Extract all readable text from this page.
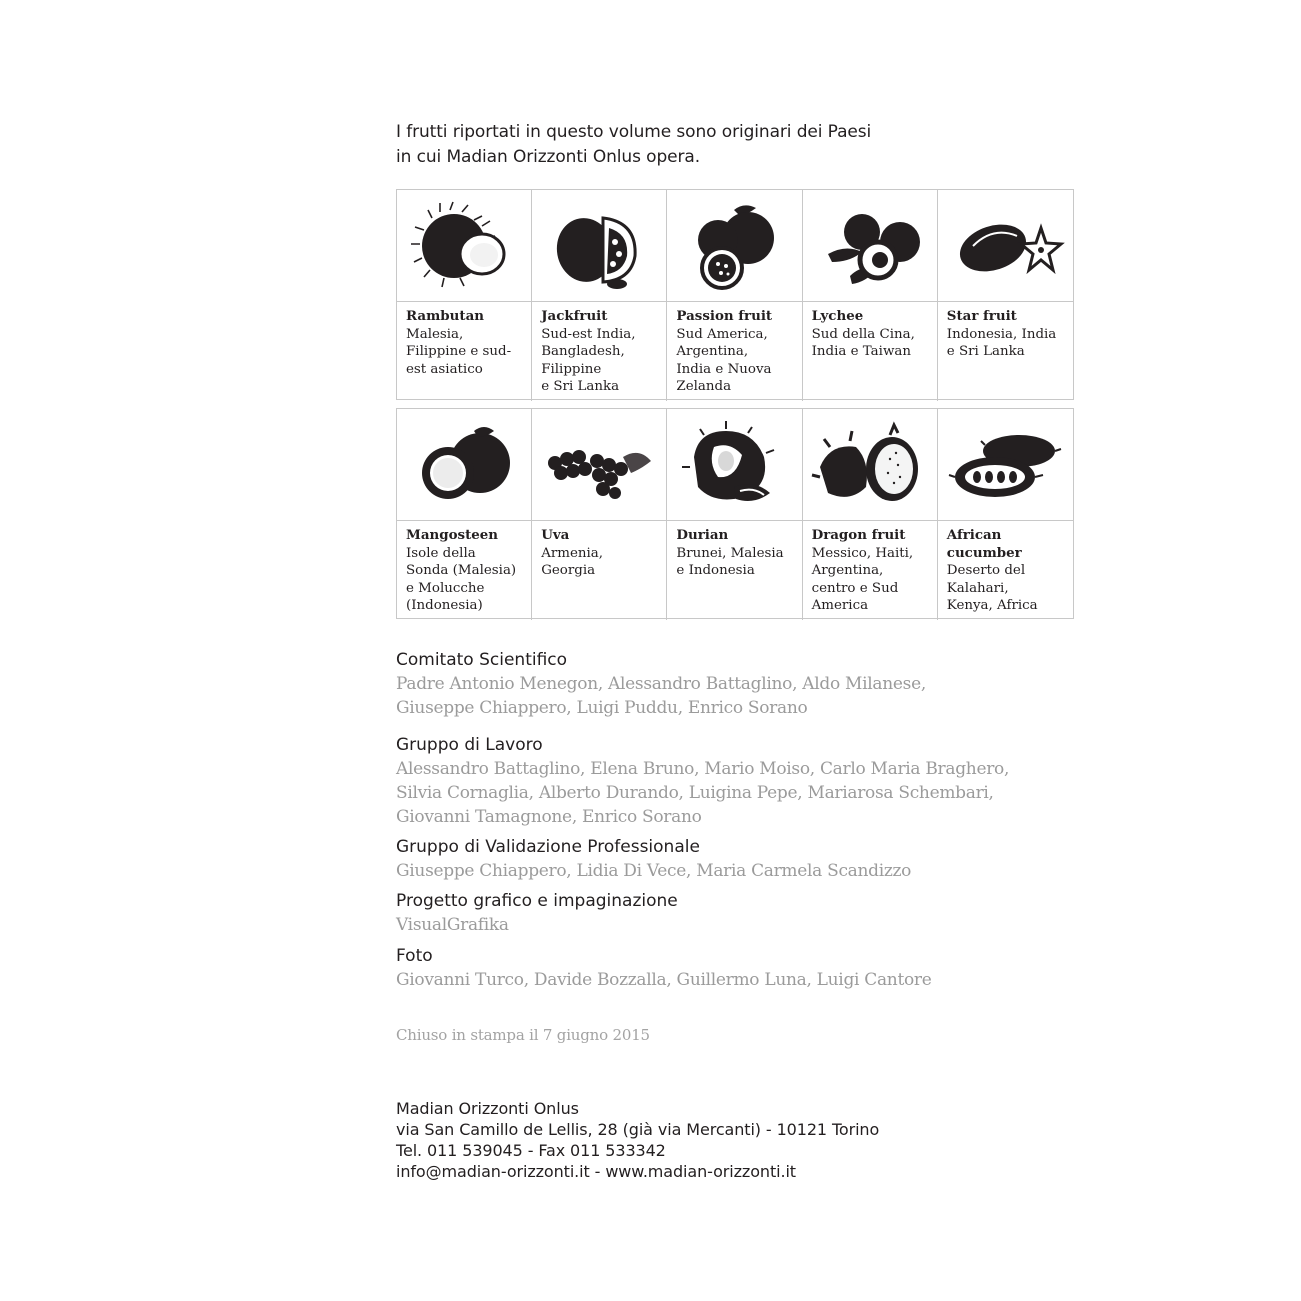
I frutti riportati in questo volume sono originari dei Paesi
in cui Madian Orizzonti Onlus opera.
Rambutan
Malesia,
Filippine e sud-
est asiatico
Jackfruit
Sud-est India,
Bangladesh,
Filippine
e Sri Lanka
Passion fruit
Sud America,
Argentina,
India e Nuova
Zelanda
Lychee
Sud della Cina,
India e Taiwan
Star fruit
Indonesia, India
e Sri Lanka
Mangosteen
Isole della
Sonda (Malesia)
e Molucche
(Indonesia)
Uva
Armenia,
Georgia
Durian
Brunei, Malesia
e Indonesia
Dragon fruit
Messico, Haiti,
Argentina,
centro e Sud
America
African
cucumber
Deserto del
Kalahari,
Kenya, Africa
Comitato Scientifico
Padre Antonio Menegon, Alessandro Battaglino, Aldo Milanese,
Giuseppe Chiappero, Luigi Puddu, Enrico Sorano
Gruppo di Lavoro
Alessandro Battaglino, Elena Bruno, Mario Moiso, Carlo Maria Braghero,
Silvia Cornaglia, Alberto Durando, Luigina Pepe, Mariarosa Schembari,
Giovanni Tamagnone, Enrico Sorano
Gruppo di Validazione Professionale
Giuseppe Chiappero, Lidia Di Vece, Maria Carmela Scandizzo
Progetto grafico e impaginazione
VisualGrafika
Foto
Giovanni Turco, Davide Bozzalla, Guillermo Luna, Luigi Cantore
Chiuso in stampa il 7 giugno 2015
Madian Orizzonti Onlus
via San Camillo de Lellis, 28 (già via Mercanti) - 10121 Torino
Tel. 011 539045 - Fax 011 533342
info@madian-orizzonti.it - www.madian-orizzonti.it
